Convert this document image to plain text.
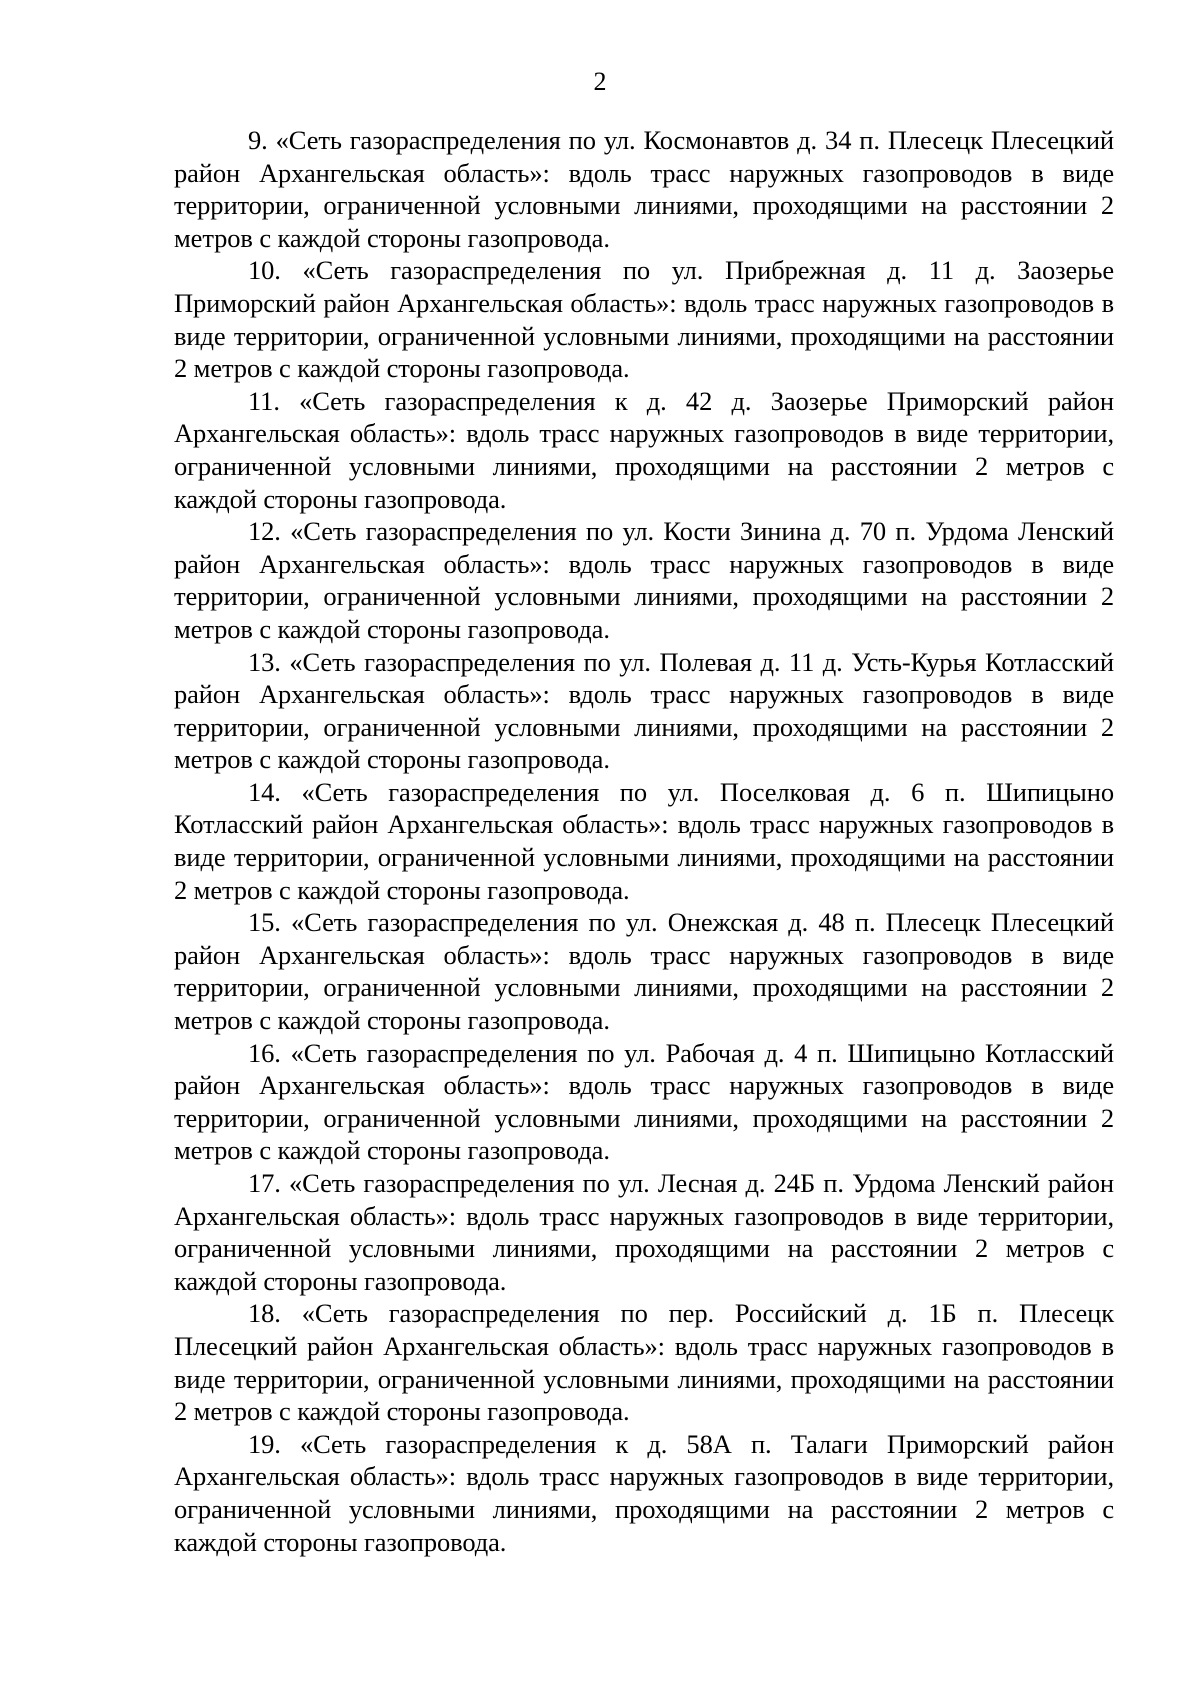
2

9. «Сеть газораспределения по ул. Космонавтов д. 34 п. Плесецк Плесецкий район Архангельская область»: вдоль трасс наружных газопроводов в виде территории, ограниченной условными линиями, проходящими на расстоянии 2 метров с каждой стороны газопровода.

10. «Сеть газораспределения по ул. Прибрежная д. 11 д. Заозерье Приморский район Архангельская область»: вдоль трасс наружных газопроводов в виде территории, ограниченной условными линиями, проходящими на расстоянии 2 метров с каждой стороны газопровода.

11. «Сеть газораспределения к д. 42 д. Заозерье Приморский район Архангельская область»: вдоль трасс наружных газопроводов в виде территории, ограниченной условными линиями, проходящими на расстоянии 2 метров с каждой стороны газопровода.

12. «Сеть газораспределения по ул. Кости Зинина д. 70 п. Урдома Ленский район Архангельская область»: вдоль трасс наружных газопроводов в виде территории, ограниченной условными линиями, проходящими на расстоянии 2 метров с каждой стороны газопровода.

13. «Сеть газораспределения по ул. Полевая д. 11 д. Усть-Курья Котласский район Архангельская область»: вдоль трасс наружных газопроводов в виде территории, ограниченной условными линиями, проходящими на расстоянии 2 метров с каждой стороны газопровода.

14. «Сеть газораспределения по ул. Поселковая д. 6 п. Шипицыно Котласский район Архангельская область»: вдоль трасс наружных газопроводов в виде территории, ограниченной условными линиями, проходящими на расстоянии 2 метров с каждой стороны газопровода.

15. «Сеть газораспределения по ул. Онежская д. 48 п. Плесецк Плесецкий район Архангельская область»: вдоль трасс наружных газопроводов в виде территории, ограниченной условными линиями, проходящими на расстоянии 2 метров с каждой стороны газопровода.

16. «Сеть газораспределения по ул. Рабочая д. 4 п. Шипицыно Котласский район Архангельская область»: вдоль трасс наружных газопроводов в виде территории, ограниченной условными линиями, проходящими на расстоянии 2 метров с каждой стороны газопровода.

17. «Сеть газораспределения по ул. Лесная д. 24Б п. Урдома Ленский район Архангельская область»: вдоль трасс наружных газопроводов в виде территории, ограниченной условными линиями, проходящими на расстоянии 2 метров с каждой стороны газопровода.

18. «Сеть газораспределения по пер. Российский д. 1Б п. Плесецк Плесецкий район Архангельская область»: вдоль трасс наружных газопроводов в виде территории, ограниченной условными линиями, проходящими на расстоянии 2 метров с каждой стороны газопровода.

19. «Сеть газораспределения к д. 58А п. Талаги Приморский район Архангельская область»: вдоль трасс наружных газопроводов в виде территории, ограниченной условными линиями, проходящими на расстоянии 2 метров с каждой стороны газопровода.
